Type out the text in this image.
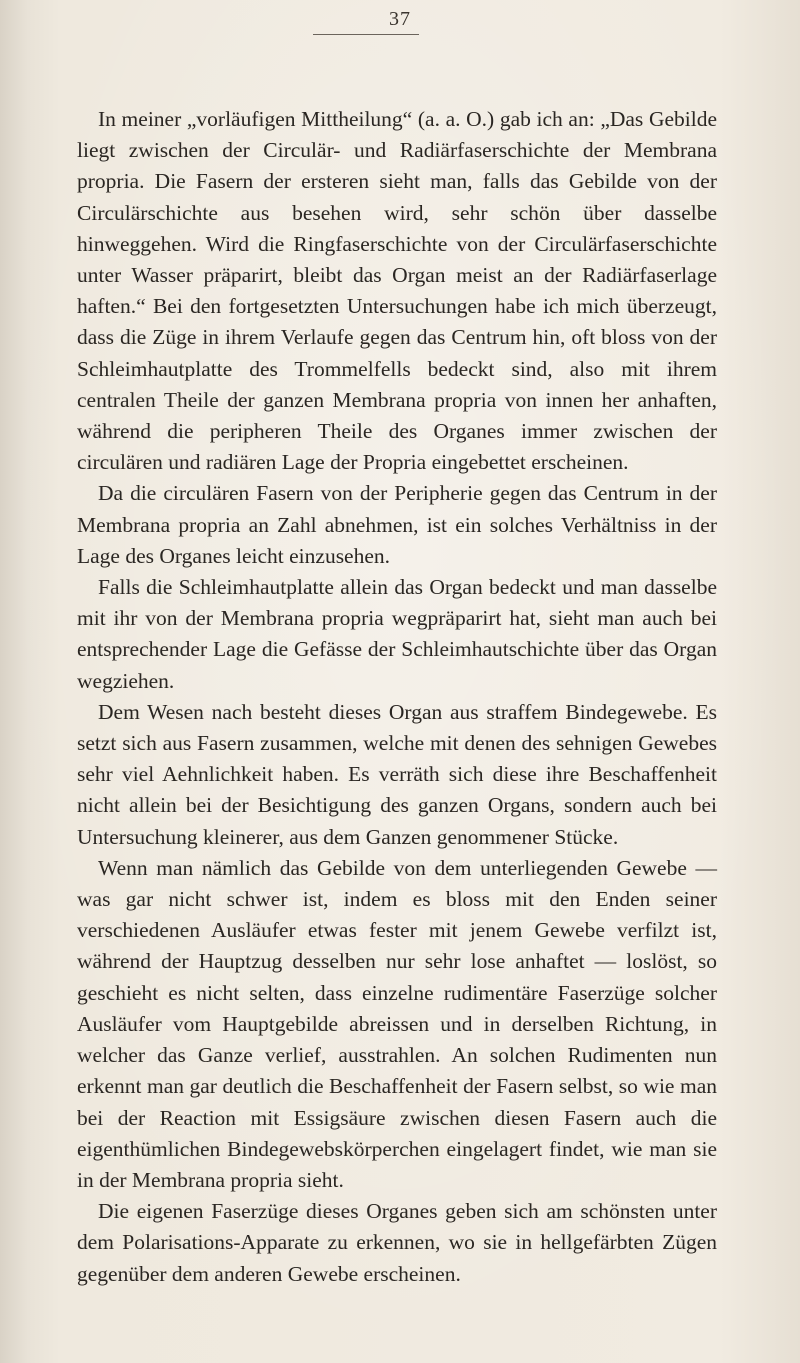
37

In meiner „vorläufigen Mittheilung“ (a. a. O.) gab ich an: „Das Gebilde liegt zwischen der Circulär- und Radiärfaserschichte der Membrana propria. Die Fasern der ersteren sieht man, falls das Gebilde von der Circulärschichte aus besehen wird, sehr schön über dasselbe hinweggehen. Wird die Ringfaserschichte von der Circulärfaserschichte unter Wasser präparirt, bleibt das Organ meist an der Radiärfaserlage haften.“ Bei den fortgesetzten Untersuchungen habe ich mich überzeugt, dass die Züge in ihrem Verlaufe gegen das Centrum hin, oft bloss von der Schleimhautplatte des Trommelfells bedeckt sind, also mit ihrem centralen Theile der ganzen Membrana propria von innen her anhaften, während die peripheren Theile des Organes immer zwischen der circulären und radiären Lage der Propria eingebettet erscheinen.

Da die circulären Fasern von der Peripherie gegen das Centrum in der Membrana propria an Zahl abnehmen, ist ein solches Verhältniss in der Lage des Organes leicht einzusehen.

Falls die Schleimhautplatte allein das Organ bedeckt und man dasselbe mit ihr von der Membrana propria wegpräparirt hat, sieht man auch bei entsprechender Lage die Gefässe der Schleimhautschichte über das Organ wegziehen.

Dem Wesen nach besteht dieses Organ aus straffem Bindegewebe. Es setzt sich aus Fasern zusammen, welche mit denen des sehnigen Gewebes sehr viel Aehnlichkeit haben. Es verräth sich diese ihre Beschaffenheit nicht allein bei der Besichtigung des ganzen Organs, sondern auch bei Untersuchung kleinerer, aus dem Ganzen genommener Stücke.

Wenn man nämlich das Gebilde von dem unterliegenden Gewebe — was gar nicht schwer ist, indem es bloss mit den Enden seiner verschiedenen Ausläufer etwas fester mit jenem Gewebe verfilzt ist, während der Hauptzug desselben nur sehr lose anhaftet — loslöst, so geschieht es nicht selten, dass einzelne rudimentäre Faserzüge solcher Ausläufer vom Hauptgebilde abreissen und in derselben Richtung, in welcher das Ganze verlief, ausstrahlen. An solchen Rudimenten nun erkennt man gar deutlich die Beschaffenheit der Fasern selbst, so wie man bei der Reaction mit Essigsäure zwischen diesen Fasern auch die eigenthümlichen Bindegewebskörperchen eingelagert findet, wie man sie in der Membrana propria sieht.

Die eigenen Faserzüge dieses Organes geben sich am schönsten unter dem Polarisations-Apparate zu erkennen, wo sie in hellgefärbten Zügen gegenüber dem anderen Gewebe erscheinen.
